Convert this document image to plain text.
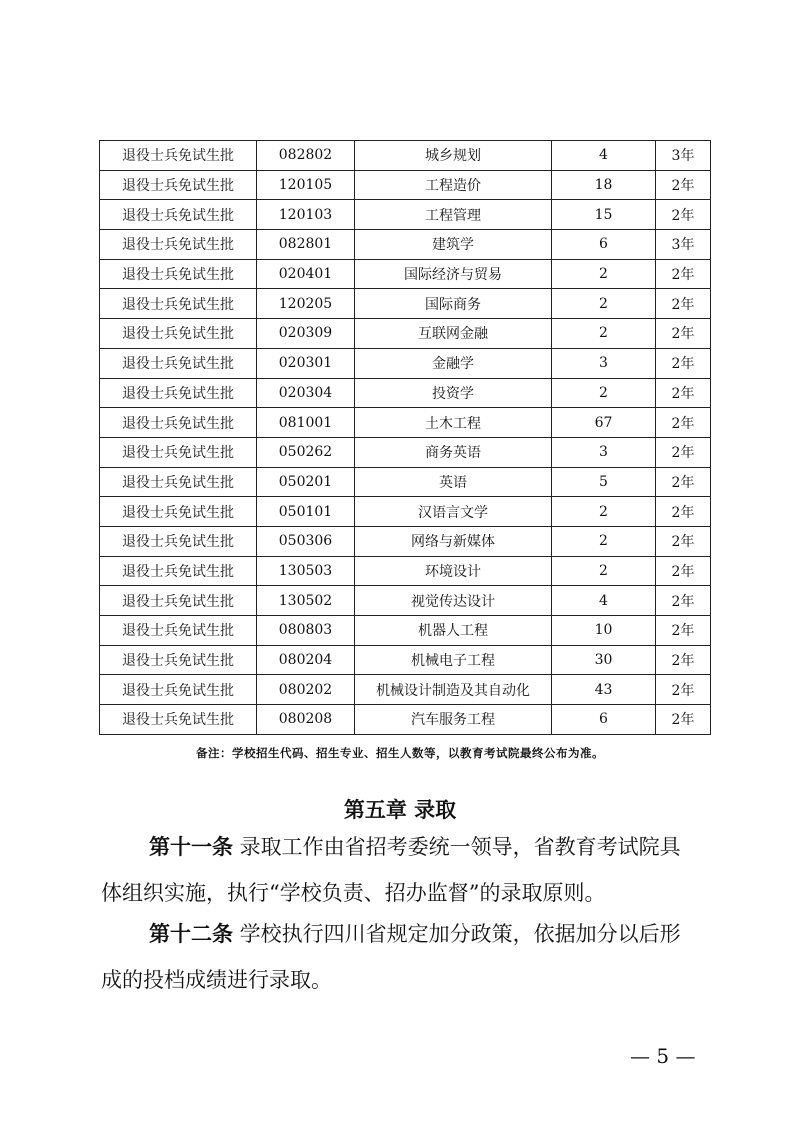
退役士兵免试生批	082802	城乡规划	4	3年
退役士兵免试生批	120105	工程造价	18	2年
退役士兵免试生批	120103	工程管理	15	2年
退役士兵免试生批	082801	建筑学	6	3年
退役士兵免试生批	020401	国际经济与贸易	2	2年
退役士兵免试生批	120205	国际商务	2	2年
退役士兵免试生批	020309	互联网金融	2	2年
退役士兵免试生批	020301	金融学	3	2年
退役士兵免试生批	020304	投资学	2	2年
退役士兵免试生批	081001	土木工程	67	2年
退役士兵免试生批	050262	商务英语	3	2年
退役士兵免试生批	050201	英语	5	2年
退役士兵免试生批	050101	汉语言文学	2	2年
退役士兵免试生批	050306	网络与新媒体	2	2年
退役士兵免试生批	130503	环境设计	2	2年
退役士兵免试生批	130502	视觉传达设计	4	2年
退役士兵免试生批	080803	机器人工程	10	2年
退役士兵免试生批	080204	机械电子工程	30	2年
退役士兵免试生批	080202	机械设计制造及其自动化	43	2年
退役士兵免试生批	080208	汽车服务工程	6	2年
备注：学校招生代码、招生专业、招生人数等，以教育考试院最终公布为准。
第五章 录取
第十一条 录取工作由省招考委统一领导，省教育考试院具
体组织实施，执行“学校负责、招办监督”的录取原则。
第十二条 学校执行四川省规定加分政策，依据加分以后形
成的投档成绩进行录取。
— 5 —
